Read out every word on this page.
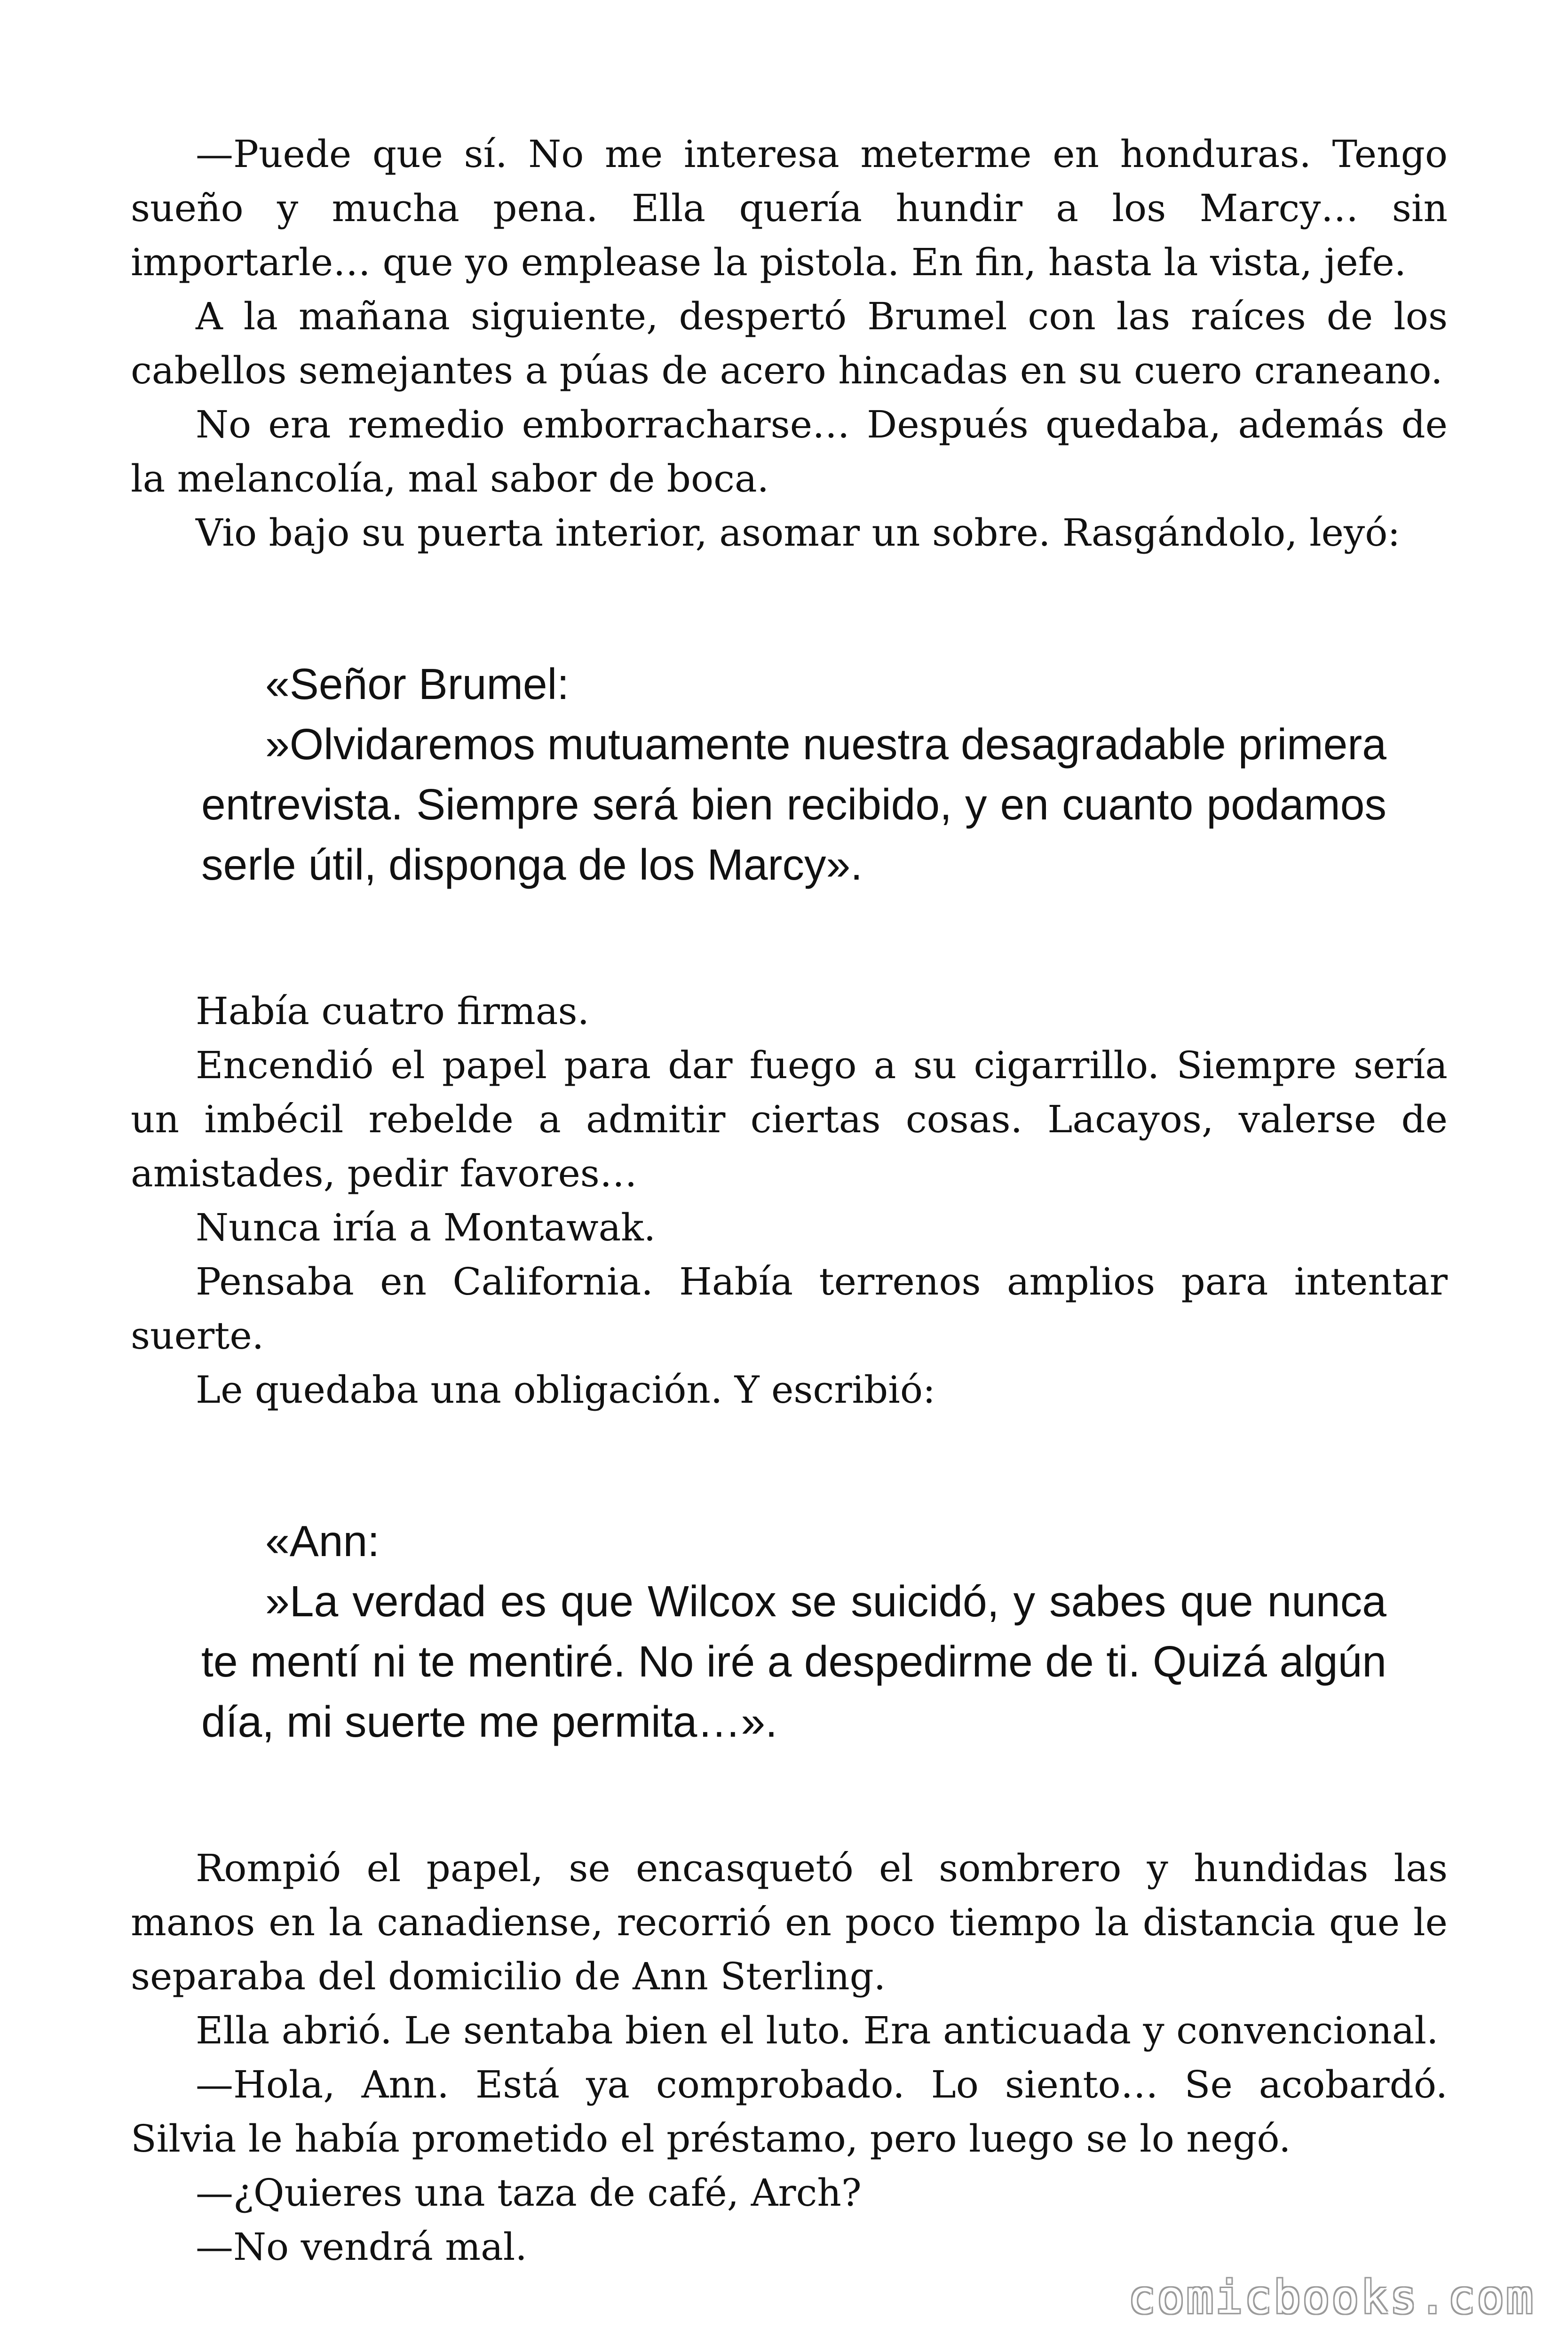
—Puede que sí. No me interesa meterme en honduras. Tengo sueño y mucha pena. Ella quería hundir a los Marcy… sin importarle… que yo emplease la pistola. En fin, hasta la vista, jefe.

A la mañana siguiente, despertó Brumel con las raíces de los cabellos semejantes a púas de acero hincadas en su cuero craneano.

No era remedio emborracharse… Después quedaba, además de la melancolía, mal sabor de boca.

Vio bajo su puerta interior, asomar un sobre. Rasgándolo, leyó:

«Señor Brumel:

»Olvidaremos mutuamente nuestra desagradable primera entrevista. Siempre será bien recibido, y en cuanto podamos serle útil, disponga de los Marcy».

Había cuatro firmas.

Encendió el papel para dar fuego a su cigarrillo. Siempre sería un imbécil rebelde a admitir ciertas cosas. Lacayos, valerse de amistades, pedir favores…

Nunca iría a Montawak.

Pensaba en California. Había terrenos amplios para intentar suerte.

Le quedaba una obligación. Y escribió:

«Ann:

»La verdad es que Wilcox se suicidó, y sabes que nunca te mentí ni te mentiré. No iré a despedirme de ti. Quizá algún día, mi suerte me permita…».

Rompió el papel, se encasquetó el sombrero y hundidas las manos en la canadiense, recorrió en poco tiempo la distancia que le separaba del domicilio de Ann Sterling.

Ella abrió. Le sentaba bien el luto. Era anticuada y convencional.

—Hola, Ann. Está ya comprobado. Lo siento… Se acobardó. Silvia le había prometido el préstamo, pero luego se lo negó.

—¿Quieres una taza de café, Arch?

—No vendrá mal.

comicbooks.com
